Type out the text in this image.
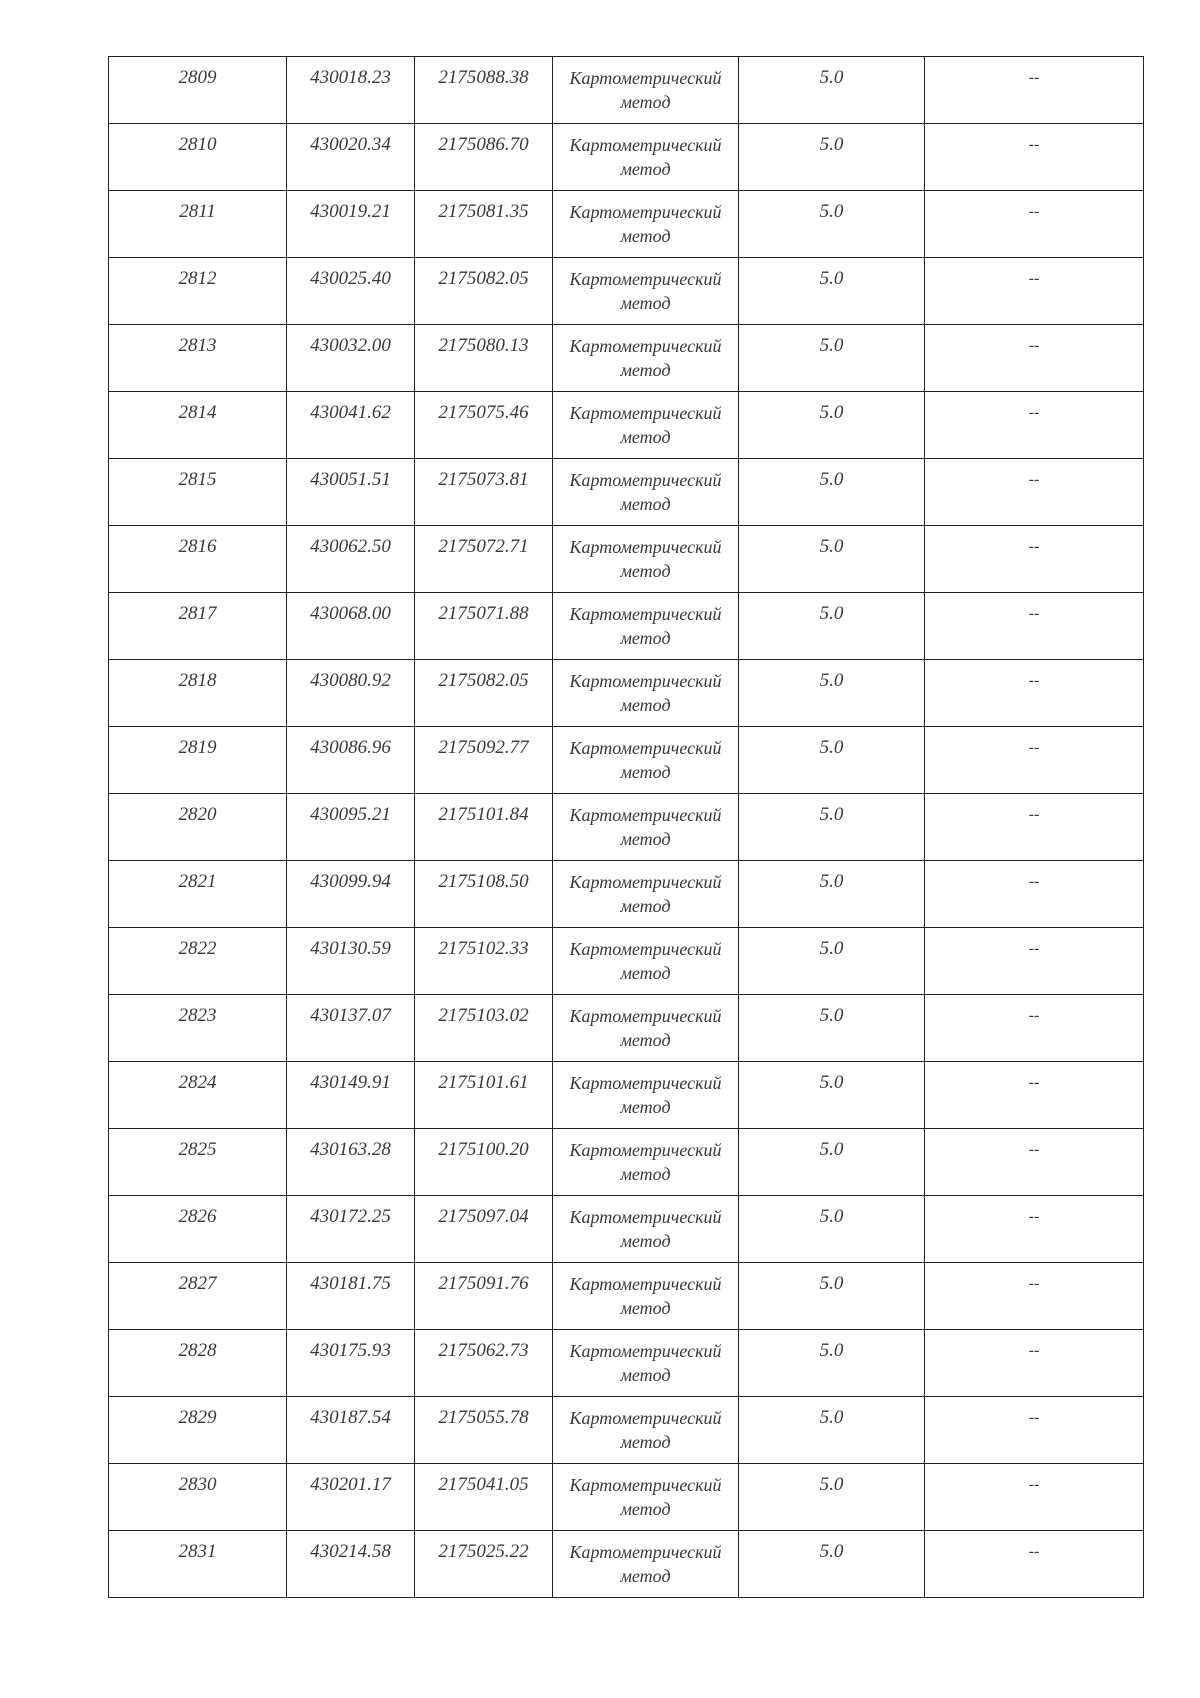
2809	430018.23	2175088.38	Картометрический
метод	5.0	--

2810	430020.34	2175086.70	Картометрический
метод	5.0	--

2811	430019.21	2175081.35	Картометрический
метод	5.0	--

2812	430025.40	2175082.05	Картометрический
метод	5.0	--

2813	430032.00	2175080.13	Картометрический
метод	5.0	--

2814	430041.62	2175075.46	Картометрический
метод	5.0	--

2815	430051.51	2175073.81	Картометрический
метод	5.0	--

2816	430062.50	2175072.71	Картометрический
метод	5.0	--

2817	430068.00	2175071.88	Картометрический
метод	5.0	--

2818	430080.92	2175082.05	Картометрический
метод	5.0	--

2819	430086.96	2175092.77	Картометрический
метод	5.0	--

2820	430095.21	2175101.84	Картометрический
метод	5.0	--

2821	430099.94	2175108.50	Картометрический
метод	5.0	--

2822	430130.59	2175102.33	Картометрический
метод	5.0	--

2823	430137.07	2175103.02	Картометрический
метод	5.0	--

2824	430149.91	2175101.61	Картометрический
метод	5.0	--

2825	430163.28	2175100.20	Картометрический
метод	5.0	--

2826	430172.25	2175097.04	Картометрический
метод	5.0	--

2827	430181.75	2175091.76	Картометрический
метод	5.0	--

2828	430175.93	2175062.73	Картометрический
метод	5.0	--

2829	430187.54	2175055.78	Картометрический
метод	5.0	--

2830	430201.17	2175041.05	Картометрический
метод	5.0	--

2831	430214.58	2175025.22	Картометрический
метод	5.0	--
